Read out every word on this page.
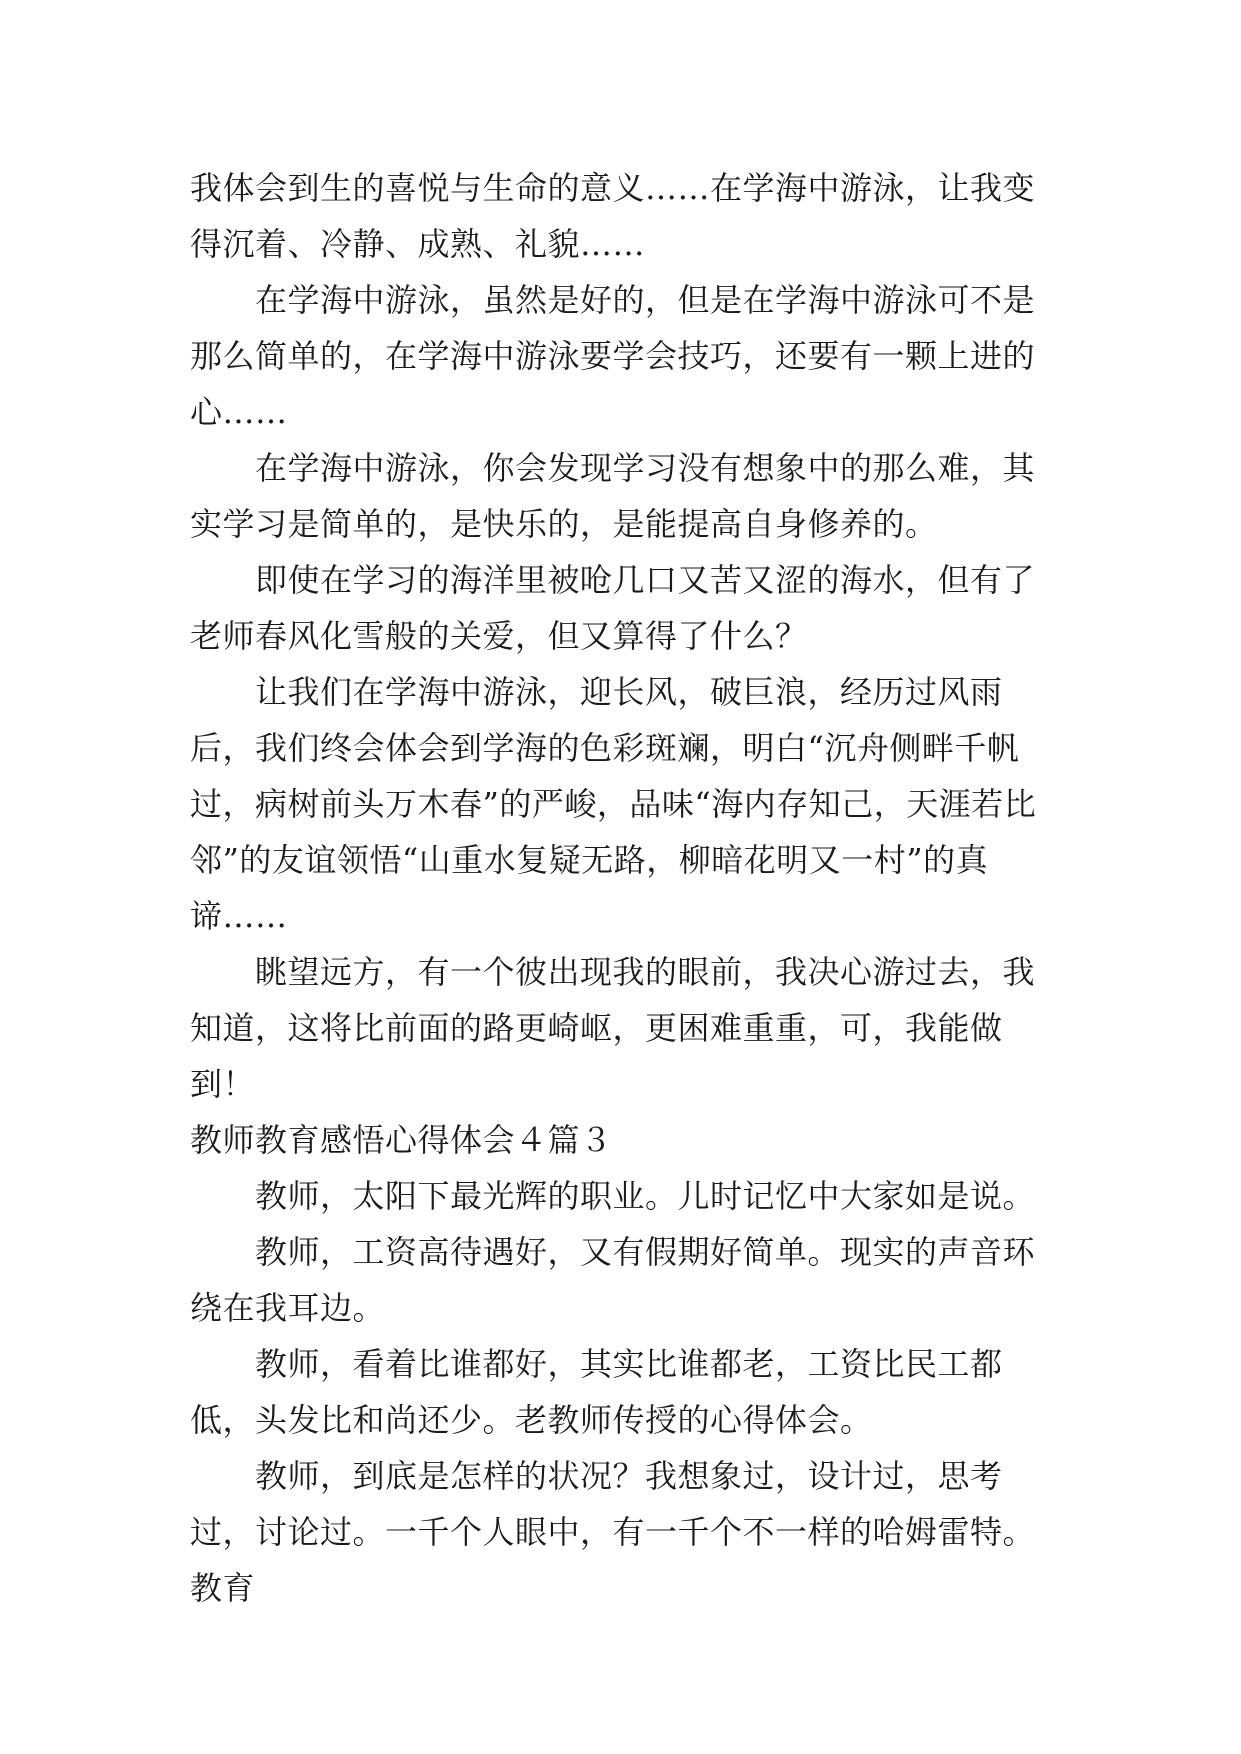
我体会到生的喜悦与生命的意义……在学海中游泳，让我变得沉着、冷静、成熟、礼貌……

　　在学海中游泳，虽然是好的，但是在学海中游泳可不是那么简单的，在学海中游泳要学会技巧，还要有一颗上进的心……

　　在学海中游泳，你会发现学习没有想象中的那么难，其实学习是简单的，是快乐的，是能提高自身修养的。

　　即使在学习的海洋里被呛几口又苦又涩的海水，但有了老师春风化雪般的关爱，但又算得了什么？

　　让我们在学海中游泳，迎长风，破巨浪，经历过风雨后，我们终会体会到学海的色彩斑斓，明白“沉舟侧畔千帆过，病树前头万木春”的严峻，品味“海内存知己，天涯若比邻”的友谊领悟“山重水复疑无路，柳暗花明又一村”的真谛……

　　眺望远方，有一个彼出现我的眼前，我决心游过去，我知道，这将比前面的路更崎岖，更困难重重，可，我能做到！

教师教育感悟心得体会４篇３

　　教师，太阳下最光辉的职业。儿时记忆中大家如是说。

　　教师，工资高待遇好，又有假期好简单。现实的声音环绕在我耳边。

　　教师，看着比谁都好，其实比谁都老，工资比民工都低，头发比和尚还少。老教师传授的心得体会。

　　教师，到底是怎样的状况？我想象过，设计过，思考过，讨论过。一千个人眼中，有一千个不一样的哈姆雷特。教育
